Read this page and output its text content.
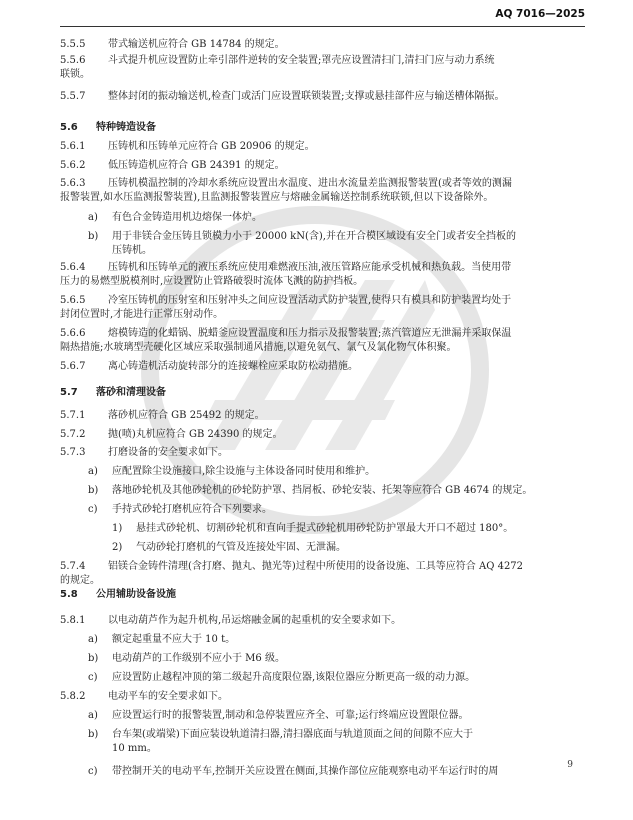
AQ 7016—2025
5.5.5 带式输送机应符合 GB 14784 的规定。
5.5.6 斗式提升机应设置防止牵引部件逆转的安全装置;罩壳应设置清扫门,清扫门应与动力系统
联锁。
5.5.7 整体封闭的振动输送机,检查门或活门应设置联锁装置;支撑或悬挂部件应与输送槽体隔振。
5.6 特种铸造设备
5.6.1 压铸机和压铸单元应符合 GB 20906 的规定。
5.6.2 低压铸造机应符合 GB 24391 的规定。
5.6.3 压铸机模温控制的冷却水系统应设置出水温度、进出水流量差监测报警装置(或者等效的测漏
报警装置,如水压监测报警装置),且监测报警装置应与熔融金属输送控制系统联锁,但以下设备除外。
a) 有色合金铸造用机边熔保一体炉。
b) 用于非镁合金压铸且锁模力小于 20000 kN(含),并在开合模区域设有安全门或者安全挡板的
压铸机。
5.6.4 压铸机和压铸单元的液压系统应使用难燃液压油,液压管路应能承受机械和热负载。当使用带
压力的易燃型脱模剂时,应设置防止管路破裂时流体飞溅的防护挡板。
5.6.5 冷室压铸机的压射室和压射冲头之间应设置活动式防护装置,使得只有模具和防护装置均处于
封闭位置时,才能进行正常压射动作。
5.6.6 熔模铸造的化蜡锅、脱蜡釜应设置温度和压力指示及报警装置;蒸汽管道应无泄漏并采取保温
隔热措施;水玻璃型壳硬化区域应采取强制通风措施,以避免氨气、氯气及氯化物气体积聚。
5.6.7 离心铸造机活动旋转部分的连接螺栓应采取防松动措施。
5.7 落砂和清理设备
5.7.1 落砂机应符合 GB 25492 的规定。
5.7.2 抛(喷)丸机应符合 GB 24390 的规定。
5.7.3 打磨设备的安全要求如下。
a) 应配置除尘设施接口,除尘设施与主体设备同时使用和维护。
b) 落地砂轮机及其他砂轮机的砂轮防护罩、挡屑板、砂轮安装、托架等应符合 GB 4674 的规定。
c) 手持式砂轮打磨机应符合下列要求。
1) 悬挂式砂轮机、切割砂轮机和直向手提式砂轮机用砂轮防护罩最大开口不超过 180°。
2) 气动砂轮打磨机的气管及连接处牢固、无泄漏。
5.7.4 铝镁合金铸件清理(含打磨、抛丸、抛光等)过程中所使用的设备设施、工具等应符合 AQ 4272
的规定。
5.8 公用辅助设备设施
5.8.1 以电动葫芦作为起升机构,吊运熔融金属的起重机的安全要求如下。
a) 额定起重量不应大于 10 t。
b) 电动葫芦的工作级别不应小于 M6 级。
c) 应设置防止越程冲顶的第二级起升高度限位器,该限位器应分断更高一级的动力源。
5.8.2 电动平车的安全要求如下。
a) 应设置运行时的报警装置,制动和急停装置应齐全、可靠;运行终端应设置限位器。
b) 台车架(或端梁)下面应装设轨道清扫器,清扫器底面与轨道顶面之间的间隙不应大于
10 mm。
c) 带控制开关的电动平车,控制开关应设置在侧面,其操作部位应能观察电动平车运行时的周
9
